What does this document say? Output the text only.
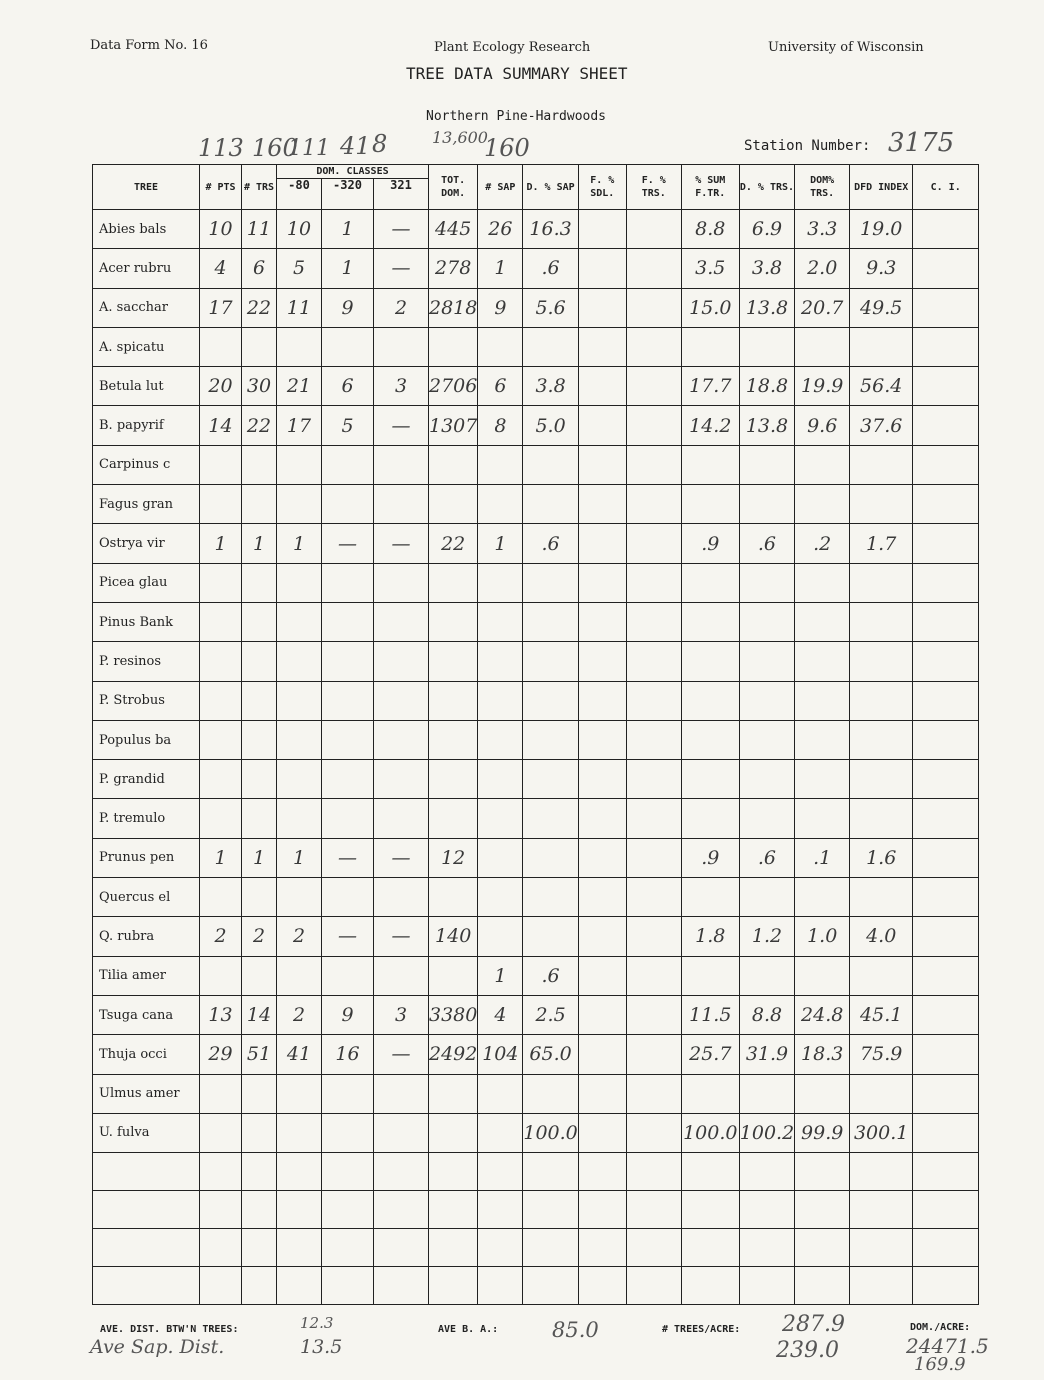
Data Form No. 16	Plant Ecology Research	University of Wisconsin
TREE DATA SUMMARY SHEET
Northern Pine-Hardwoods
113 160
111 41 8	13,600
160	Station Number: 3175
TREE	# PTS	# TRS	DOM. CLASSES			TOT. DOM.	# SAP	D. % SAP	F. % SDL.	F. % TRS.	% SUM F.TR.	D. % TRS.	DOM% TRS.	DFD INDEX	C. I.
			-80	-320	321										
Abies bals	10	11	10	1	—	445	26	16.3			8.8	6.9	3.3	19.0	
Acer rubru	4	6	5	1	—	278	1	.6			3.5	3.8	2.0	9.3	
A. sacchar	17	22	11	9	2	2818	9	5.6			15.0	13.8	20.7	49.5	
A. spicatu															
Betula lut	20	30	21	6	3	2706	6	3.8			17.7	18.8	19.9	56.4	
B. papyrif	14	22	17	5	—	1307	8	5.0			14.2	13.8	9.6	37.6	
Carpinus c															
Fagus gran															
Ostrya vir	1	1	1	—	—	22	1	.6			.9	.6	.2	1.7	
Picea glau															
Pinus Bank															
P. resinos															
P. Strobus															
Populus ba															
P. grandid															
P. tremulo															
Prunus pen	1	1	1	—	—	12					.9	.6	.1	1.6	
Quercus el															
Q. rubra	2	2	2	—	—	140					1.8	1.2	1.0	4.0	
Tilia amer							1	.6							
Tsuga cana	13	14	2	9	3	3380	4	2.5			11.5	8.8	24.8	45.1	
Thuja occi	29	51	41	16	—	2492	104	65.0			25.7	31.9	18.3	75.9	
Ulmus amer															
U. fulva								100.0			100.0	100.2	99.9	300.1	

AVE. DIST. BTW'N TREES:	12.3
Ave Sap. Dist.	13.5
AVE B. A.:	85.0	# TREES/ACRE: 287.9
239.0
DOM./ACRE:
24471.5
169.9
